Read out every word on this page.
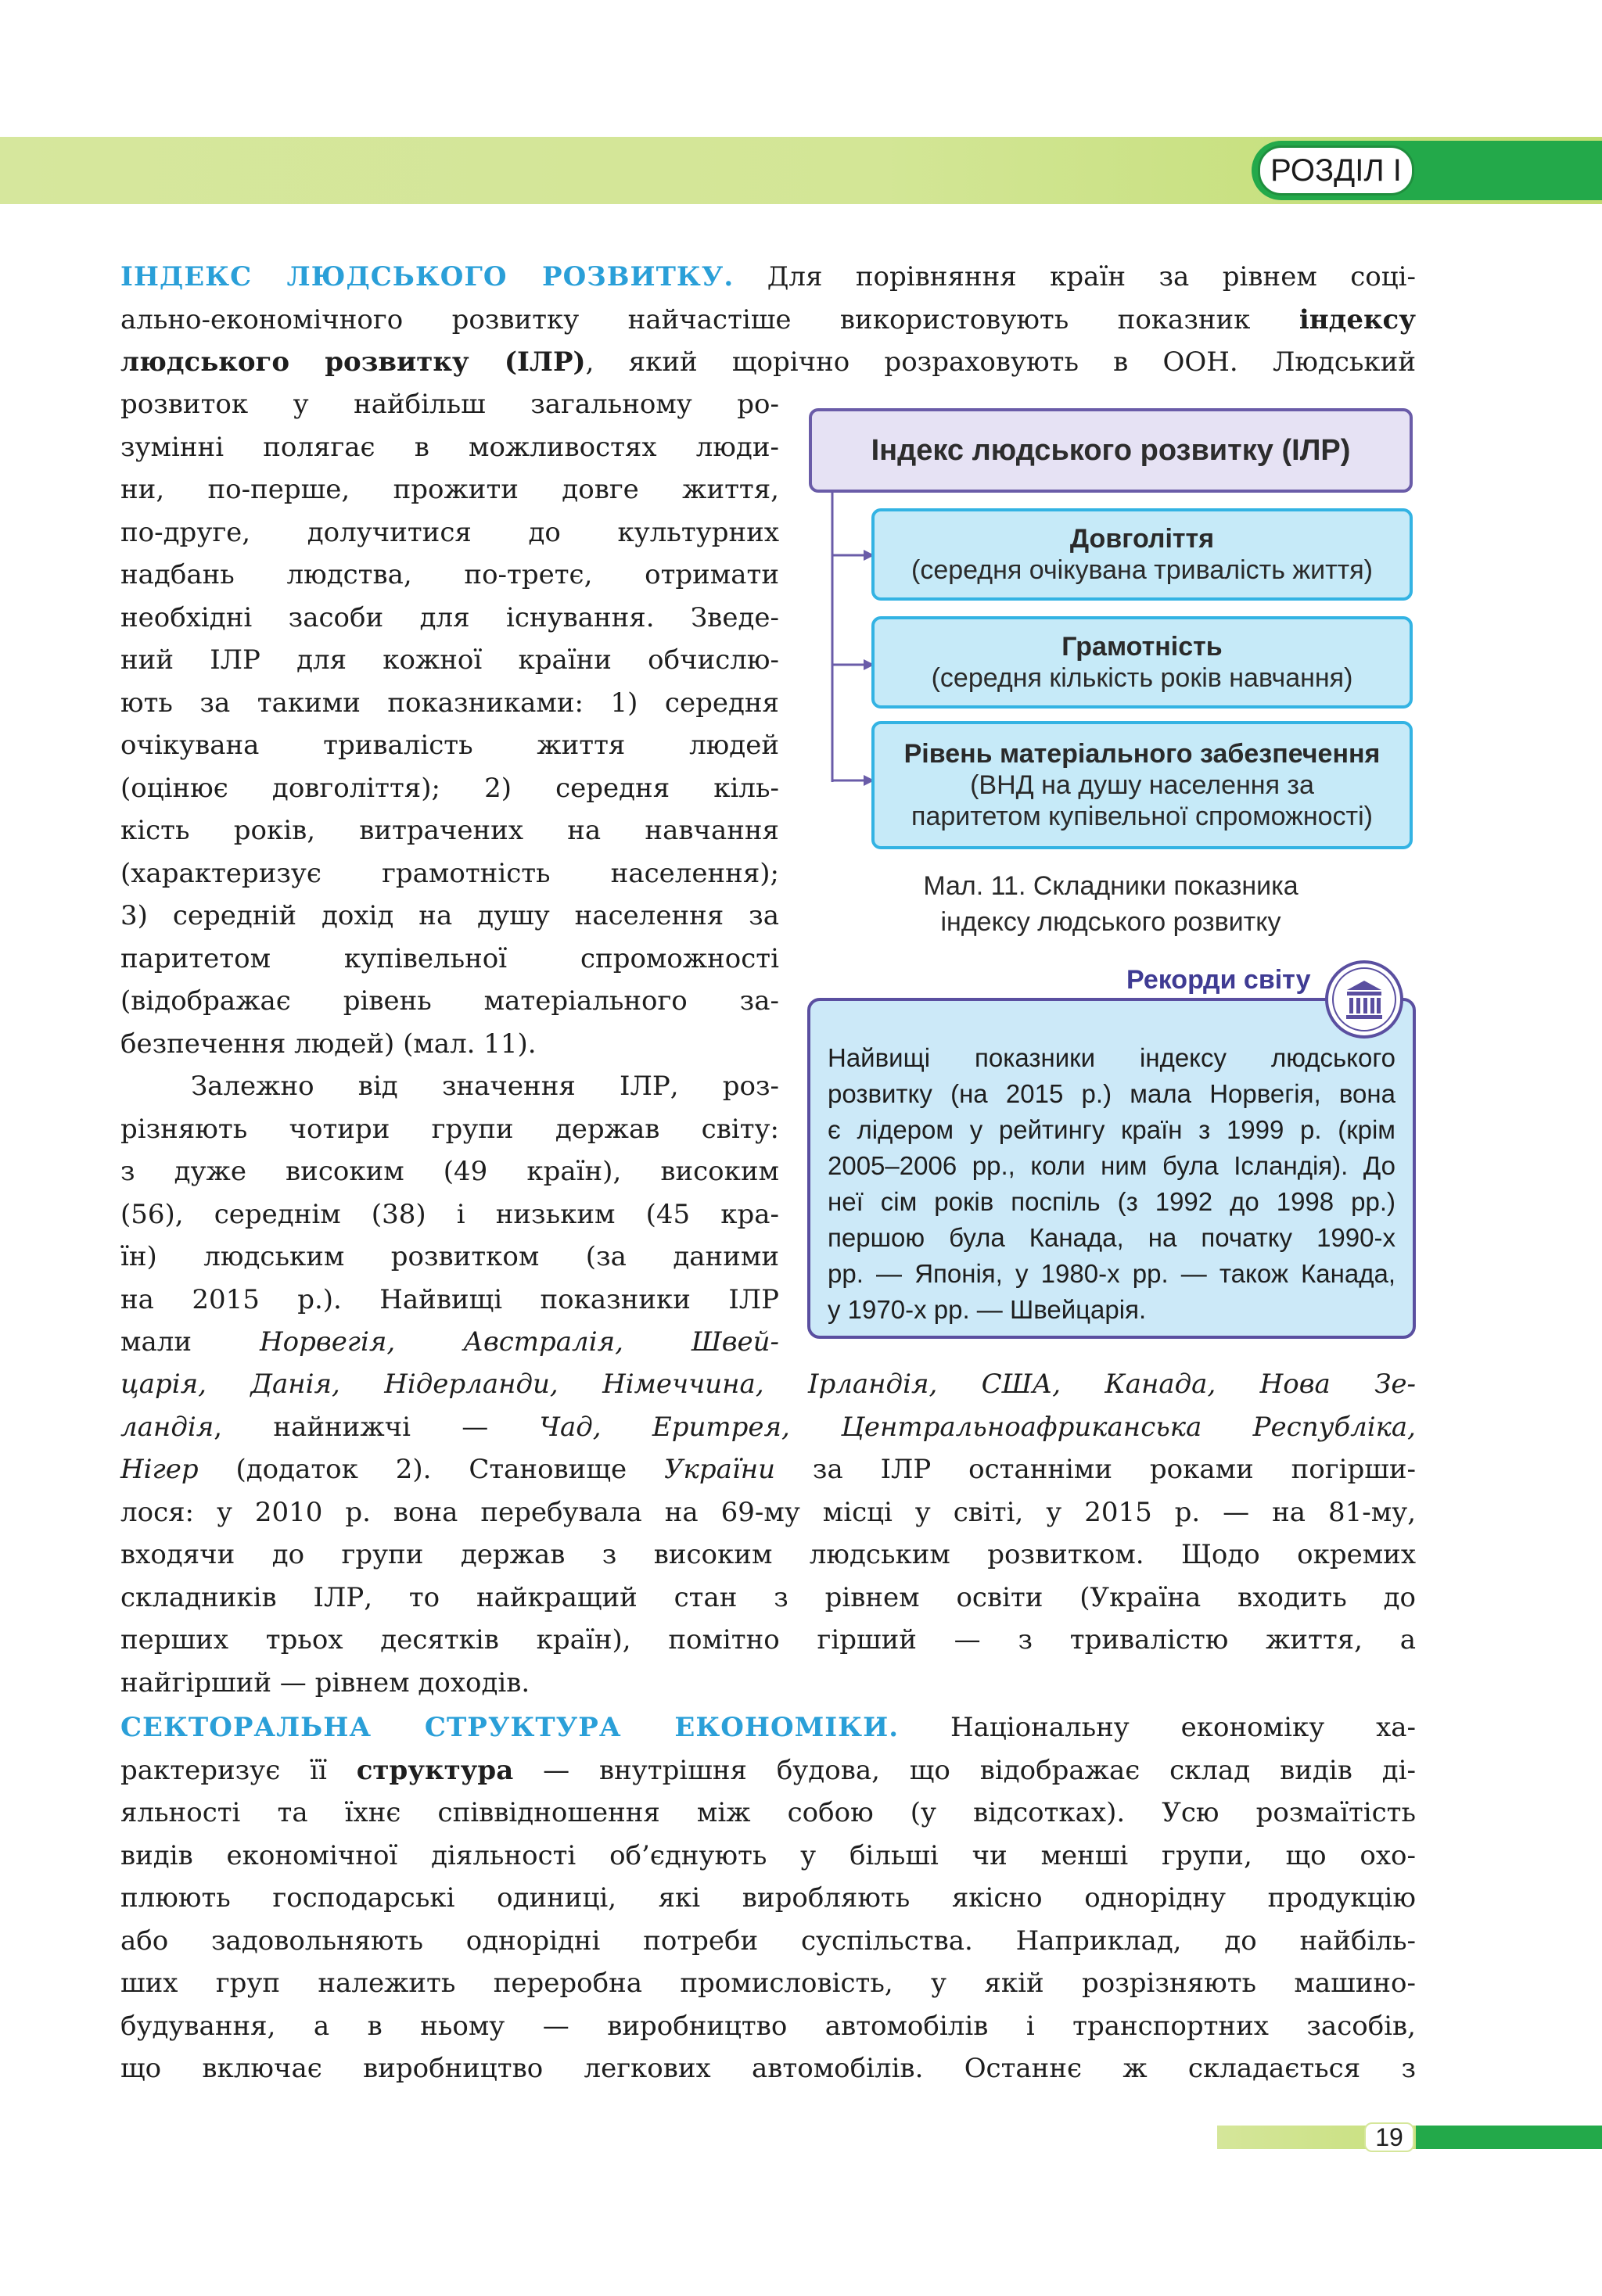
РОЗДІЛ І
ІНДЕКС ЛЮДСЬКОГО РОЗВИТКУ. Для порівняння країн за рівнем соці-
ально-економічного розвитку найчастіше використовують показник індексу
людського розвитку (ІЛР), який щорічно розраховують в ООН. Людський
розвиток у найбільш загальному ро-
зумінні полягає в можливостях люди-
ни, по-перше, прожити довге життя,
по-друге, долучитися до культурних
надбань людства, по-третє, отримати
необхідні засоби для існування. Зведе-
ний ІЛР для кожної країни обчислю-
ють за такими показниками: 1) середня
очікувана тривалість життя людей
(оцінює довголіття); 2) середня кіль-
кість років, витрачених на навчання
(характеризує грамотність населення);
3) середній дохід на душу населення за
паритетом купівельної спроможності
(відображає рівень матеріального за-
безпечення людей) (мал. 11).
Залежно від значення ІЛР, роз-
різняють чотири групи держав світу:
з дуже високим (49 країн), високим
(56), середнім (38) і низьким (45 кра-
їн) людським розвитком (за даними
на 2015 р.). Найвищі показники ІЛР
мали	Норвегія, Австралія, Швей-
царія, Данія, Нідерланди, Німеччина, Ірландія, США, Канада, Нова Зе-
ландія, найнижчі — Чад, Еритрея, Центральноафриканська Республіка,
Нігер (додаток 2). Становище України за ІЛР останніми роками погірши-
лося: у 2010 р. вона перебувала на 69-му місці у світі, у 2015 р. — на 81-му,
входячи до групи держав з високим людським розвитком. Щодо окремих
складників ІЛР, то найкращий стан з рівнем освіти (Україна входить до
перших трьох десятків країн), помітно гірший — з тривалістю життя, а
найгірший — рівнем доходів.
СЕКТОРАЛЬНА СТРУКТУРА ЕКОНОМІКИ. Національну економіку ха-
рактеризує її структура — внутрішня будова, що відображає склад видів ді-
яльності та їхнє співвідношення між собою (у відсотках). Усю розмаїтість
видів економічної діяльності об’єднують у більші чи менші групи, що охо-
плюють господарські одиниці, які виробляють якісно однорідну продукцію
або задовольняють однорідні потреби суспільства. Наприклад, до найбіль-
ших груп належить переробна промисловість, у якій розрізняють машино-
будування, а в ньому — виробництво автомобілів і транспортних засобів,
що включає виробництво легкових автомобілів. Останнє ж складається з
Індекс людського розвитку (ІЛР)
Довголіття
(середня очікувана тривалість життя)
Грамотність
(середня кількість років навчання)
Рівень матеріального забезпечення
(ВНД на душу населення за
паритетом купівельної спроможності)
Мал. 11. Складники показника
індексу людського розвитку
Рекорди світу
Найвищі показники індексу людського
розвитку (на 2015 р.) мала Норвегія, вона
є лідером у рейтингу країн з 1999 р. (крім
2005–2006 рр., коли ним була Ісландія). До
неї сім років поспіль (з 1992 до 1998 рр.)
першою була Канада, на початку 1990-х
рр. — Японія, у 1980-х рр. — також Канада,
у 1970-х рр. — Швейцарія.
19
